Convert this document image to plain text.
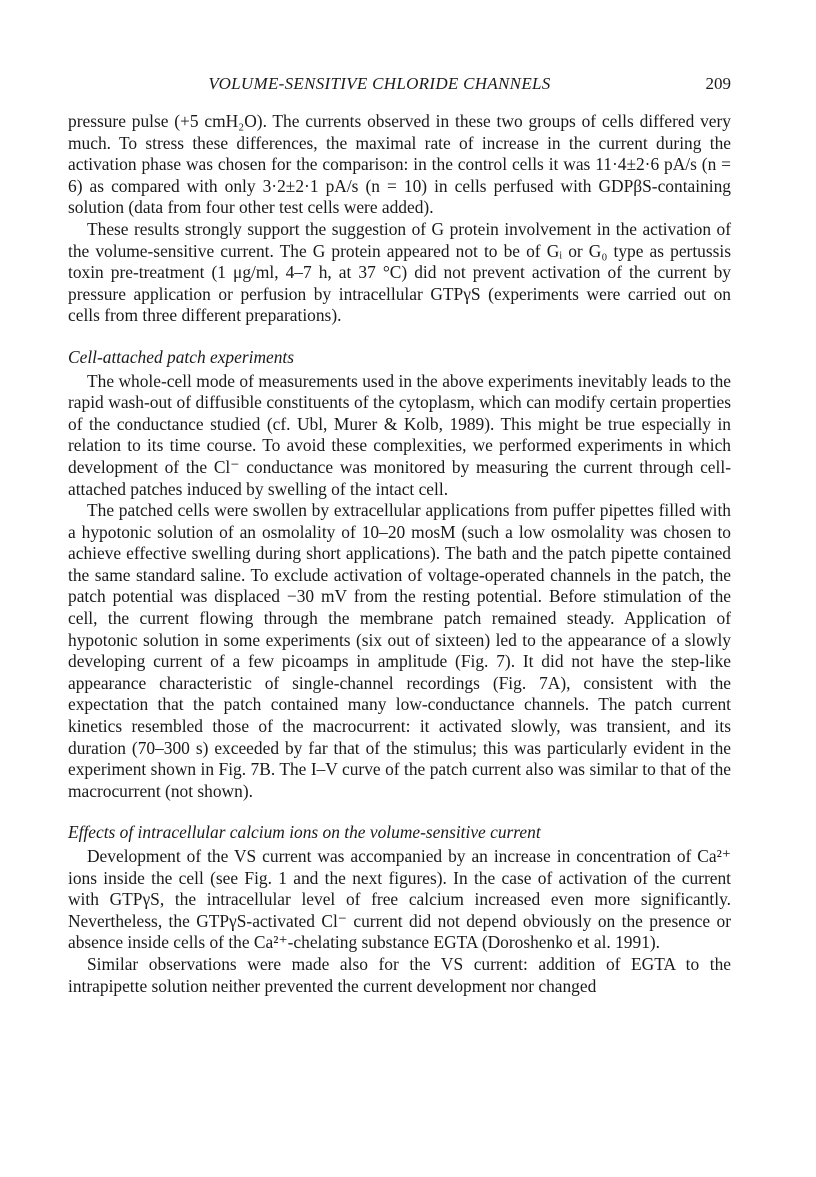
VOLUME-SENSITIVE CHLORIDE CHANNELS	209

pressure pulse (+5 cmH₂O). The currents observed in these two groups of cells differed very much. To stress these differences, the maximal rate of increase in the current during the activation phase was chosen for the comparison: in the control cells it was 11·4±2·6 pA/s (n = 6) as compared with only 3·2±2·1 pA/s (n = 10) in cells perfused with GDPβS-containing solution (data from four other test cells were added).

These results strongly support the suggestion of G protein involvement in the activation of the volume-sensitive current. The G protein appeared not to be of Gᵢ or G₀ type as pertussis toxin pre-treatment (1 μg/ml, 4–7 h, at 37 °C) did not prevent activation of the current by pressure application or perfusion by intracellular GTPγS (experiments were carried out on cells from three different preparations).

Cell-attached patch experiments

The whole-cell mode of measurements used in the above experiments inevitably leads to the rapid wash-out of diffusible constituents of the cytoplasm, which can modify certain properties of the conductance studied (cf. Ubl, Murer & Kolb, 1989). This might be true especially in relation to its time course. To avoid these complexities, we performed experiments in which development of the Cl⁻ conductance was monitored by measuring the current through cell-attached patches induced by swelling of the intact cell.

The patched cells were swollen by extracellular applications from puffer pipettes filled with a hypotonic solution of an osmolality of 10–20 mosM (such a low osmolality was chosen to achieve effective swelling during short applications). The bath and the patch pipette contained the same standard saline. To exclude activation of voltage-operated channels in the patch, the patch potential was displaced −30 mV from the resting potential. Before stimulation of the cell, the current flowing through the membrane patch remained steady. Application of hypotonic solution in some experiments (six out of sixteen) led to the appearance of a slowly developing current of a few picoamps in amplitude (Fig. 7). It did not have the step-like appearance characteristic of single-channel recordings (Fig. 7A), consistent with the expectation that the patch contained many low-conductance channels. The patch current kinetics resembled those of the macrocurrent: it activated slowly, was transient, and its duration (70–300 s) exceeded by far that of the stimulus; this was particularly evident in the experiment shown in Fig. 7B. The I–V curve of the patch current also was similar to that of the macrocurrent (not shown).

Effects of intracellular calcium ions on the volume-sensitive current

Development of the VS current was accompanied by an increase in concentration of Ca²⁺ ions inside the cell (see Fig. 1 and the next figures). In the case of activation of the current with GTPγS, the intracellular level of free calcium increased even more significantly. Nevertheless, the GTPγS-activated Cl⁻ current did not depend obviously on the presence or absence inside cells of the Ca²⁺-chelating substance EGTA (Doroshenko et al. 1991).

Similar observations were made also for the VS current: addition of EGTA to the intrapipette solution neither prevented the current development nor changed
